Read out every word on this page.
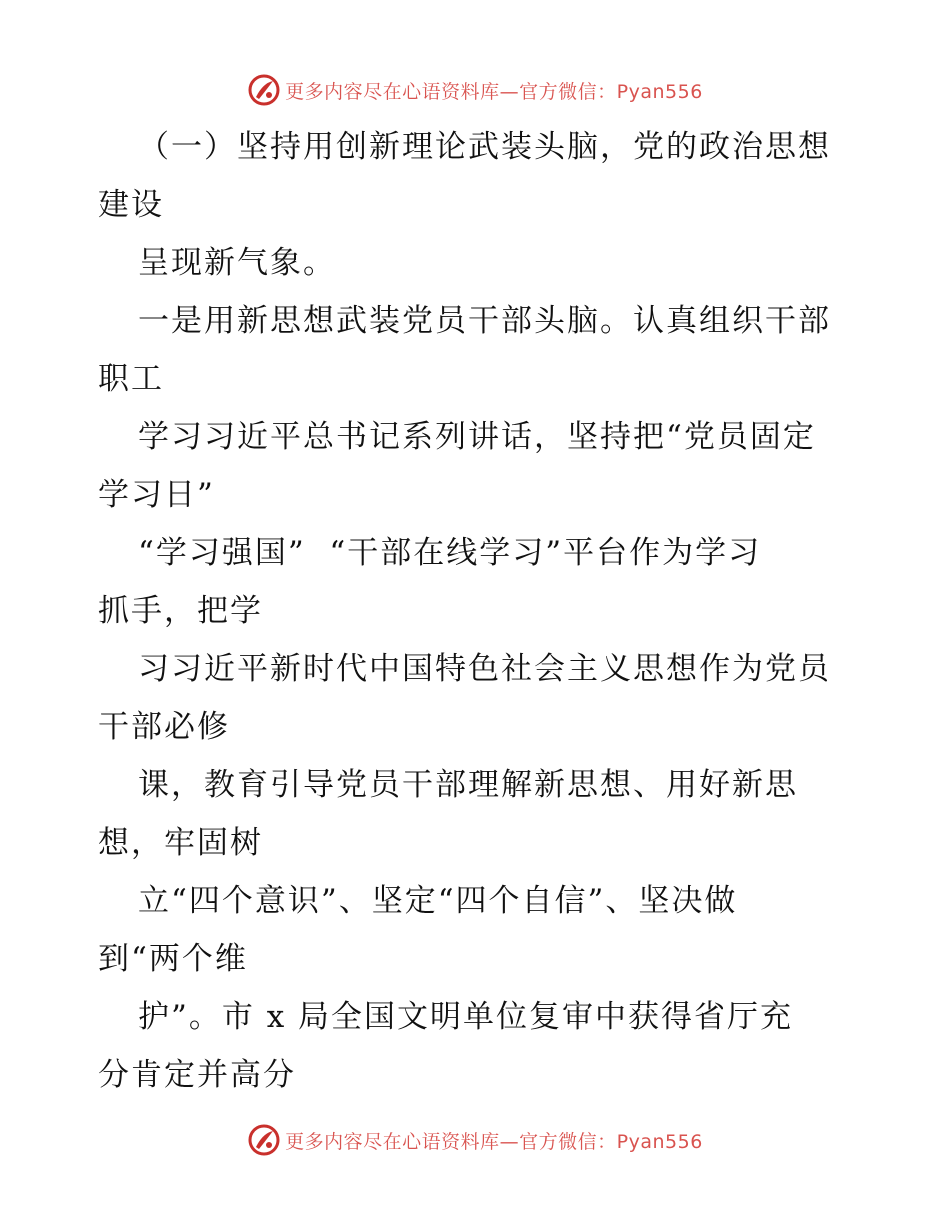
更多内容尽在心语资料库—官方微信：Pyan556
（一）坚持用创新理论武装头脑，党的政治思想
建设
呈现新气象。
一是用新思想武装党员干部头脑。认真组织干部
职工
学习习近平总书记系列讲话，坚持把“党员固定
学习日”
“学习强国”  “干部在线学习”平台作为学习
抓手，把学
习习近平新时代中国特色社会主义思想作为党员
干部必修
课，教育引导党员干部理解新思想、用好新思
想，牢固树
立“四个意识”、坚定“四个自信”、坚决做
到“两个维
护”。市 x 局全国文明单位复审中获得省厅充
分肯定并高分
更多内容尽在心语资料库—官方微信：Pyan556
